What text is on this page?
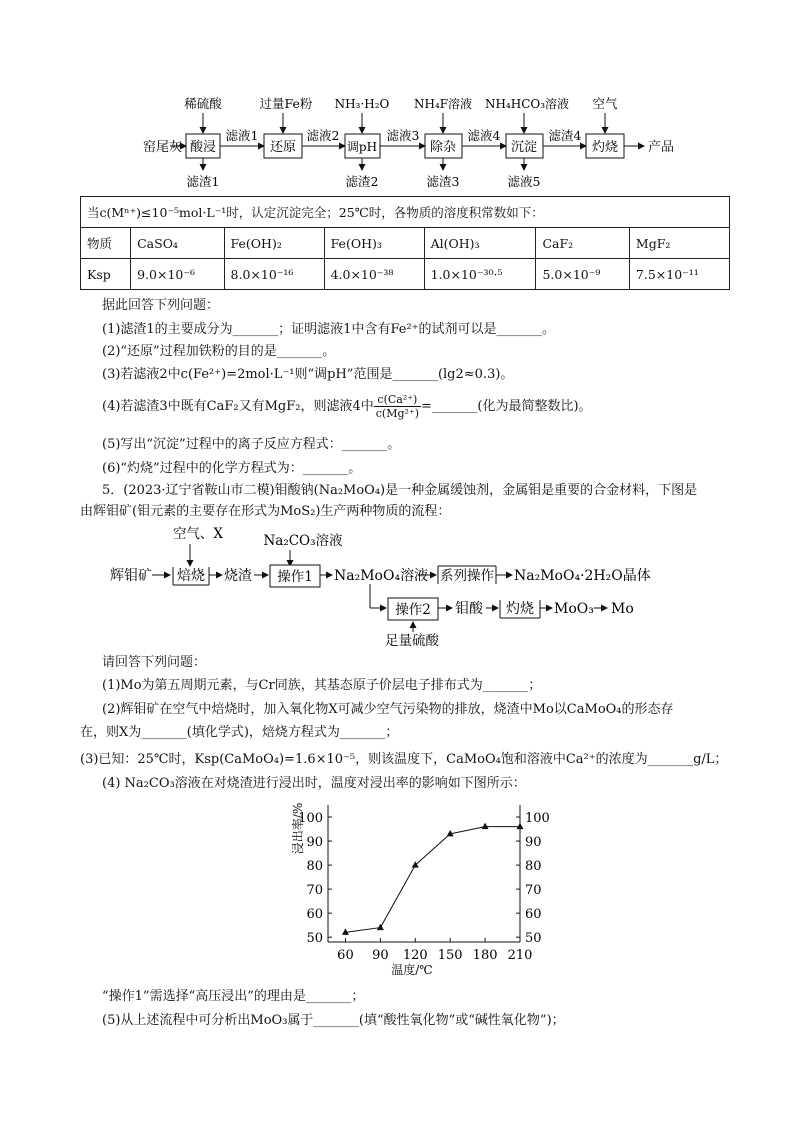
窑尾灰	产品
酸浸	还原	调pH	除杂	沉淀	灼烧
稀硫酸	过量Fe粉 NH₃·H₂O NH₄F溶液 NH₄HCO₃溶液 空气
滤液1	滤液2	滤液3	滤液4	滤渣4
滤渣1	滤渣2	滤渣3	滤液5
当c(Mⁿ⁺)≤10⁻⁵mol·L⁻¹时，认定沉淀完全；25℃时，各物质的溶度积常数如下：						
物质	CaSO₄	Fe(OH)₂	Fe(OH)₃	Al(OH)₃	CaF₂	MgF₂
Ksp	9.0×10⁻⁶	8.0×10⁻¹⁶	4.0×10⁻³⁸	1.0×10⁻³⁰·⁵	5.0×10⁻⁹	7.5×10⁻¹¹
据此回答下列问题：
(1)滤渣1的主要成分为_______；证明滤液1中含有Fe²⁺的试剂可以是_______。
(2)“还原”过程加铁粉的目的是_______。
(3)若滤液2中c(Fe²⁺)=2mol·L⁻¹则“调pH”范围是_______(lg2≈0.3)。
(4)若滤渣3中既有CaF₂又有MgF₂，则滤液4中 $\frac{\text{c(Ca²⁺)}}{\text{c(Mg²⁺)}}$ =_______(化为最简整数比)。
(5)写出“沉淀”过程中的离子反应方程式：_______。
(6)“灼烧”过程中的化学方程式为：_______。
5．(2023·辽宁省鞍山市二模)钼酸钠(Na₂MoO₄)是一种金属缓蚀剂，金属钼是重要的合金材料，下图是
由辉钼矿(钼元素的主要存在形式为MoS₂)生产两种物质的流程：
空气、X	Na₂CO₃溶液
辉钼矿 焙烧 烧渣 操作1 Na₂MoO₄溶液 系列操作 Na₂MoO₄·2H₂O晶体
操作2
足量硫酸
钼酸 灼烧 MoO₃ Mo
请回答下列问题：
(1)Mo为第五周期元素，与Cr同族，其基态原子价层电子排布式为_______；
(2)辉钼矿在空气中焙烧时，加入氧化物X可减少空气污染物的排放，烧渣中Mo以CaMoO₄的形态存
在，则X为_______(填化学式)，焙烧方程式为_______；
(3)已知：25℃时，Ksp(CaMoO₄)=1.6×10⁻⁵，则该温度下，CaMoO₄饱和溶液中Ca²⁺的浓度为_______g/L；
(4) Na₂CO₃溶液在对烧渣进行浸出时，温度对浸出率的影响如下图所示：
50	50
60	60
70	70
80	80
90	90
100	100
60 90 120 150 180 210
温度/℃
浸出率/%
“操作1”需选择“高压浸出”的理由是_______；
(5)从上述流程中可分析出MoO₃属于_______(填“酸性氧化物”或“碱性氧化物”)；
